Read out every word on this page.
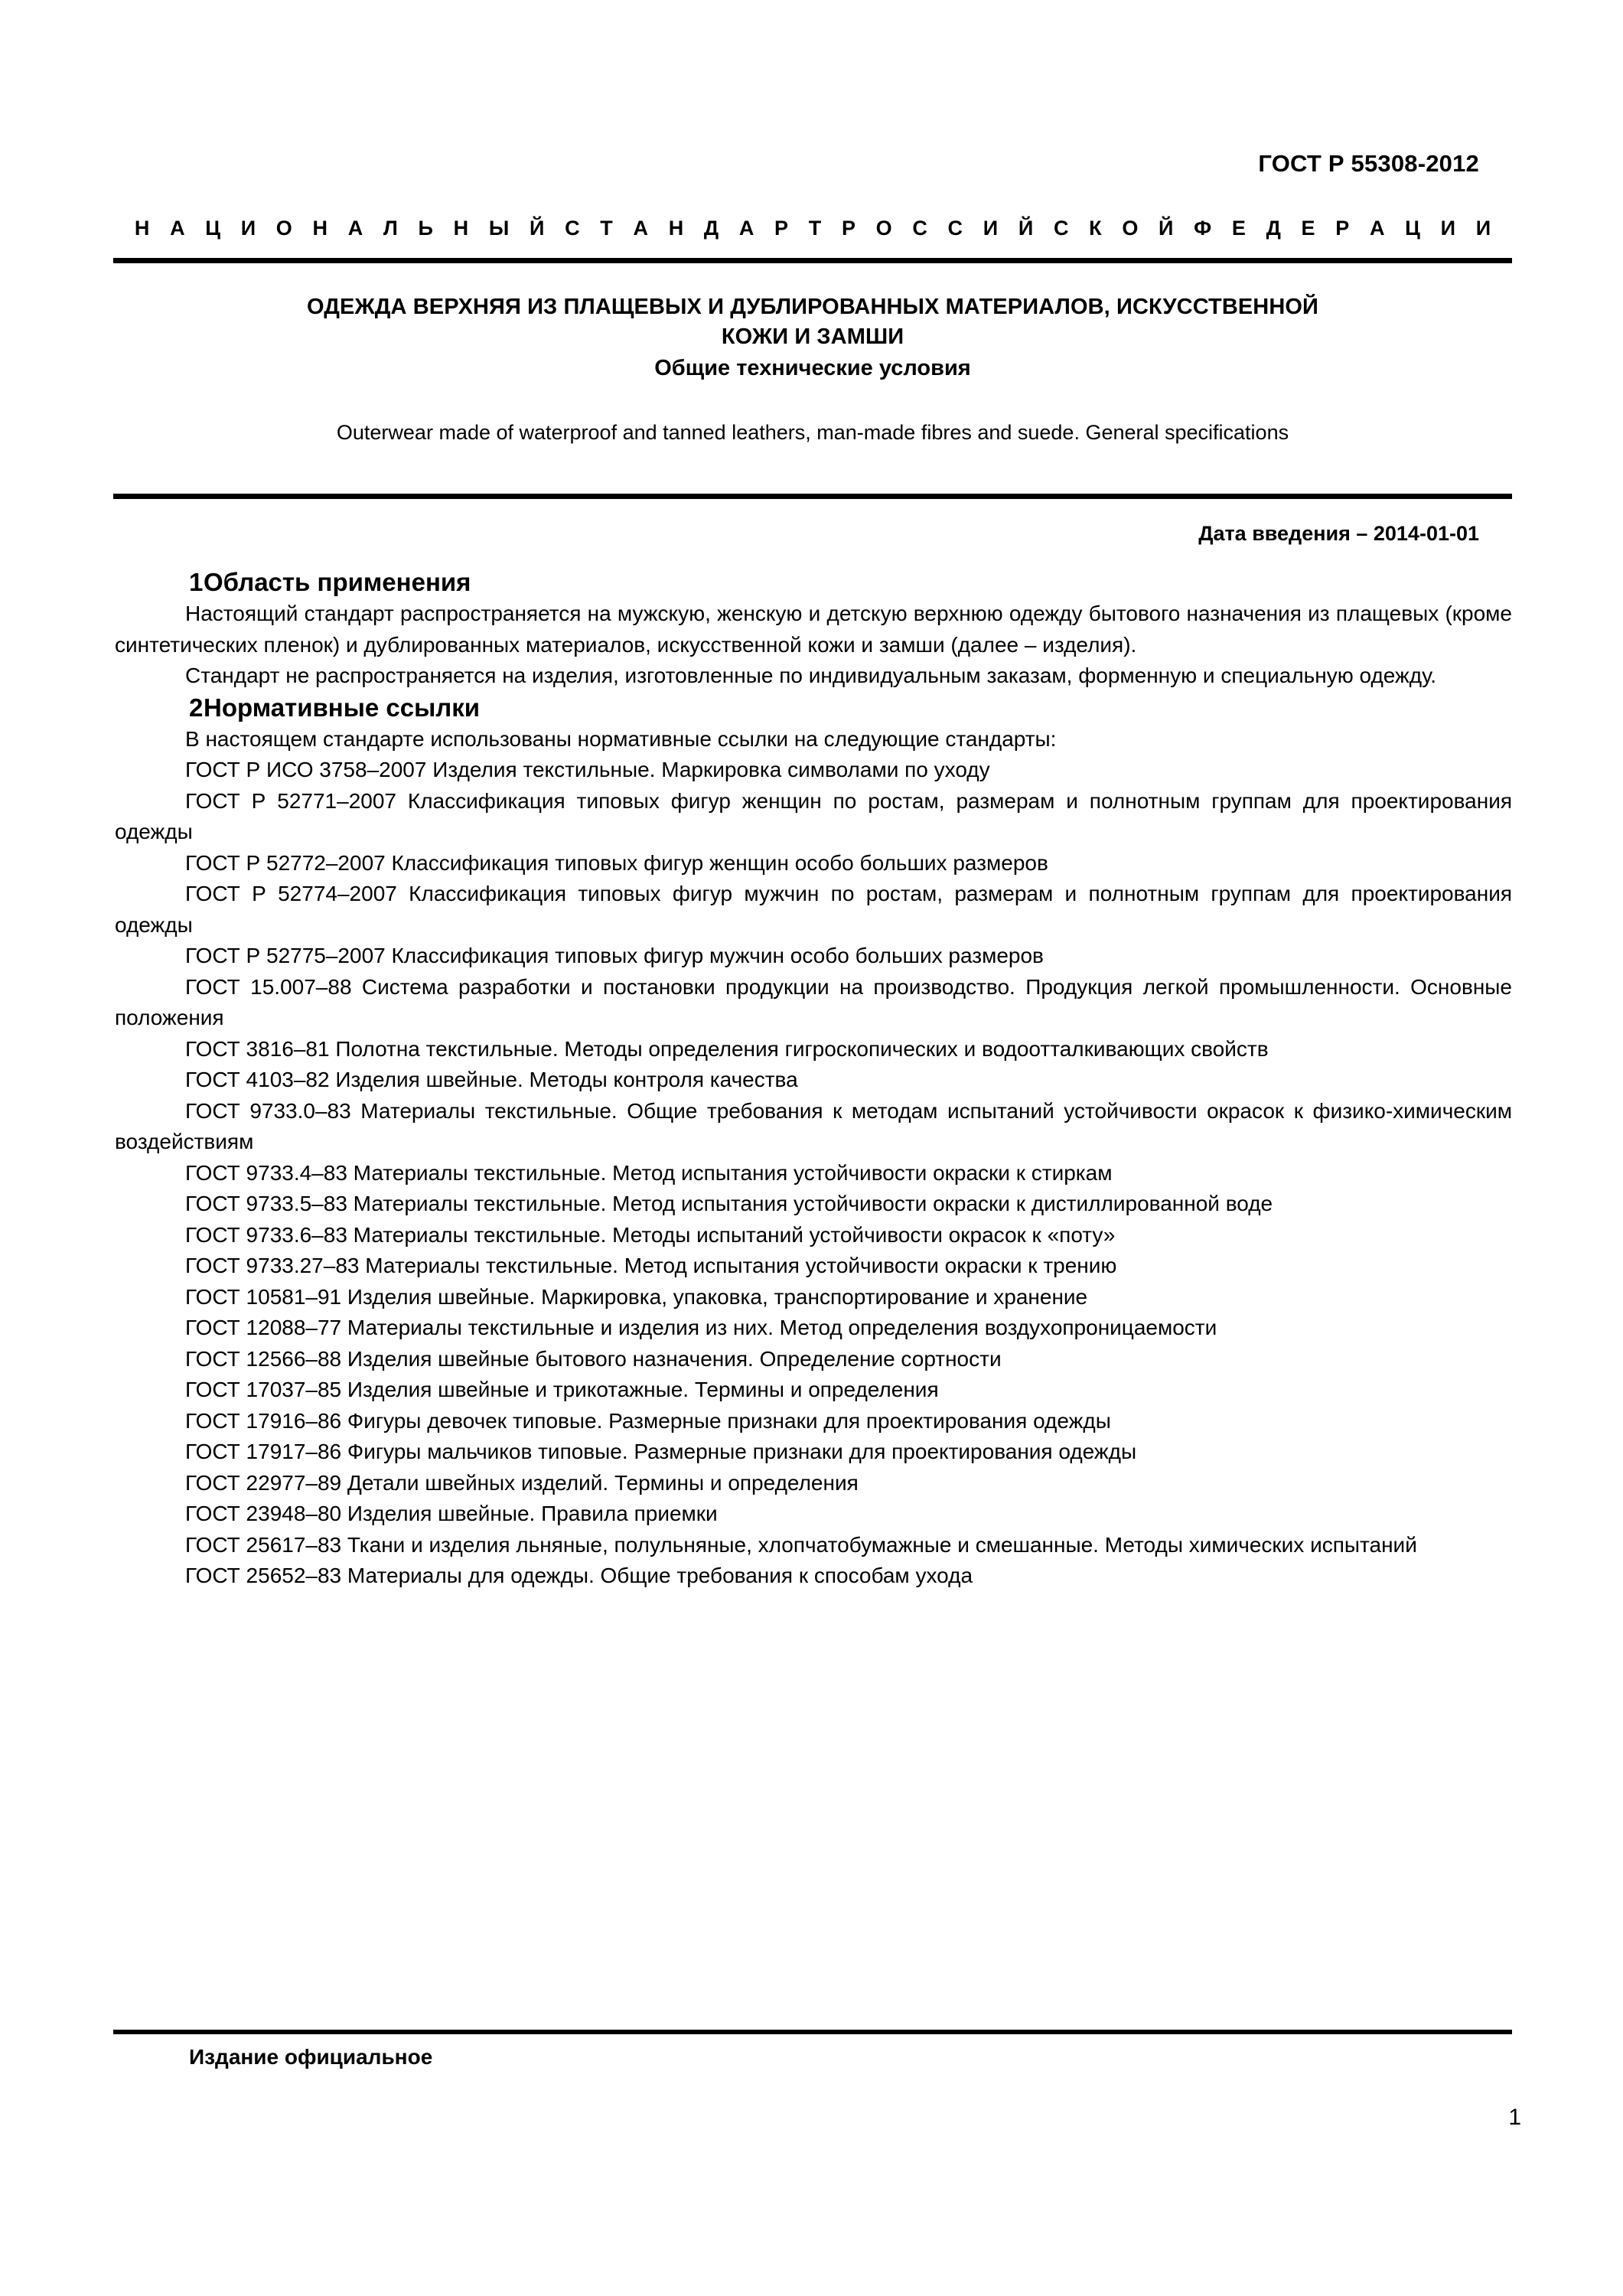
ГОСТ Р 55308-2012
Н А Ц И О Н А Л Ь Н Ы Й С Т А Н Д А Р Т Р О С С И Й С К О Й Ф Е Д Е Р А Ц И И
ОДЕЖДА ВЕРХНЯЯ ИЗ ПЛАЩЕВЫХ И ДУБЛИРОВАННЫХ МАТЕРИАЛОВ, ИСКУССТВЕННОЙ
КОЖИ И ЗАМШИ
Общие технические условия
Outerwear made of waterproof and tanned leathers, man-made fibres and suede. General specifications
Дата введения – 2014-01-01
1 Область применения

Настоящий стандарт распространяется на мужскую, женскую и детскую верхнюю одежду бытового назначения из плащевых (кроме синтетических пленок) и дублированных материалов, искусственной кожи и замши (далее – изделия).

Стандарт не распространяется на изделия, изготовленные по индивидуальным заказам, форменную и специальную одежду.

2 Нормативные ссылки

В настоящем стандарте использованы нормативные ссылки на следующие стандарты:

ГОСТ Р ИСО 3758–2007 Изделия текстильные. Маркировка символами по уходу
ГОСТ Р 52771–2007 Классификация типовых фигур женщин по ростам, размерам и полнотным группам для проектирования одежды
ГОСТ Р 52772–2007 Классификация типовых фигур женщин особо больших размеров
ГОСТ Р 52774–2007 Классификация типовых фигур мужчин по ростам, размерам и полнотным группам для проектирования одежды
ГОСТ Р 52775–2007 Классификация типовых фигур мужчин особо больших размеров
ГОСТ 15.007–88 Система разработки и постановки продукции на производство. Продукция легкой промышленности. Основные положения
ГОСТ 3816–81 Полотна текстильные. Методы определения гигроскопических и водоотталкивающих свойств
ГОСТ 4103–82 Изделия швейные. Методы контроля качества
ГОСТ 9733.0–83 Материалы текстильные. Общие требования к методам испытаний устойчивости окрасок к физико-химическим воздействиям
ГОСТ 9733.4–83 Материалы текстильные. Метод испытания устойчивости окраски к стиркам
ГОСТ 9733.5–83 Материалы текстильные. Метод испытания устойчивости окраски к дистиллированной воде
ГОСТ 9733.6–83 Материалы текстильные. Методы испытаний устойчивости окрасок к «поту»
ГОСТ 9733.27–83 Материалы текстильные. Метод испытания устойчивости окраски к трению
ГОСТ 10581–91 Изделия швейные. Маркировка, упаковка, транспортирование и хранение
ГОСТ 12088–77 Материалы текстильные и изделия из них. Метод определения воздухопроницаемости
ГОСТ 12566–88 Изделия швейные бытового назначения. Определение сортности
ГОСТ 17037–85 Изделия швейные и трикотажные. Термины и определения
ГОСТ 17916–86 Фигуры девочек типовые. Размерные признаки для проектирования одежды
ГОСТ 17917–86 Фигуры мальчиков типовые. Размерные признаки для проектирования одежды
ГОСТ 22977–89 Детали швейных изделий. Термины и определения
ГОСТ 23948–80 Изделия швейные. Правила приемки
ГОСТ 25617–83 Ткани и изделия льняные, полульняные, хлопчатобумажные и смешанные. Методы химических испытаний
ГОСТ 25652–83 Материалы для одежды. Общие требования к способам ухода
Издание официальное
1
